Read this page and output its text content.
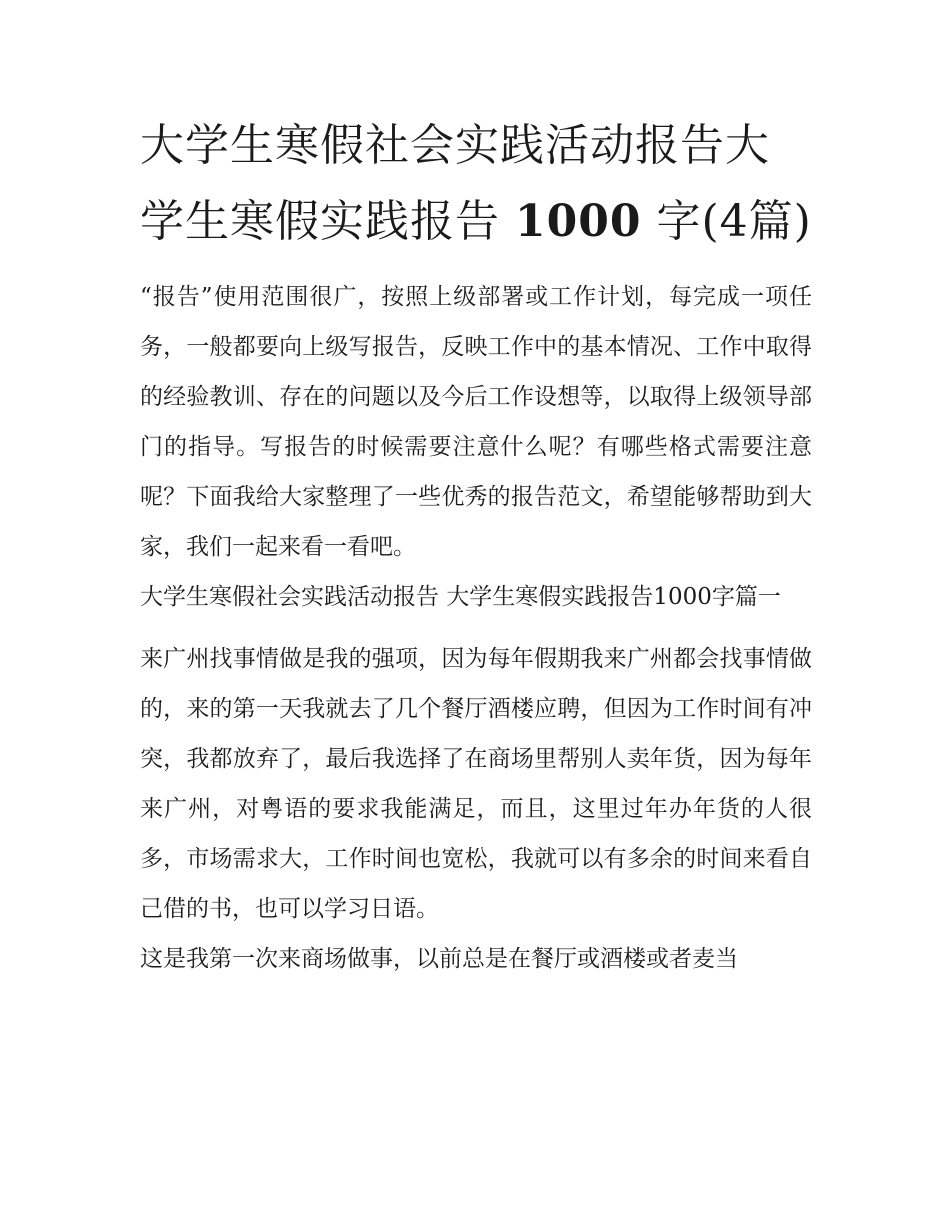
大学生寒假社会实践活动报告大学生寒假实践报告 1000 字(4篇)

“报告”使用范围很广，按照上级部署或工作计划，每完成一项任务，一般都要向上级写报告，反映工作中的基本情况、工作中取得的经验教训、存在的问题以及今后工作设想等，以取得上级领导部门的指导。写报告的时候需要注意什么呢？有哪些格式需要注意呢？下面我给大家整理了一些优秀的报告范文，希望能够帮助到大家，我们一起来看一看吧。

大学生寒假社会实践活动报告 大学生寒假实践报告1000字篇一

来广州找事情做是我的强项，因为每年假期我来广州都会找事情做的，来的第一天我就去了几个餐厅酒楼应聘，但因为工作时间有冲突，我都放弃了，最后我选择了在商场里帮别人卖年货，因为每年来广州，对粤语的要求我能满足，而且，这里过年办年货的人很多，市场需求大，工作时间也宽松，我就可以有多余的时间来看自己借的书，也可以学习日语。

这是我第一次来商场做事，以前总是在餐厅或酒楼或者麦当
